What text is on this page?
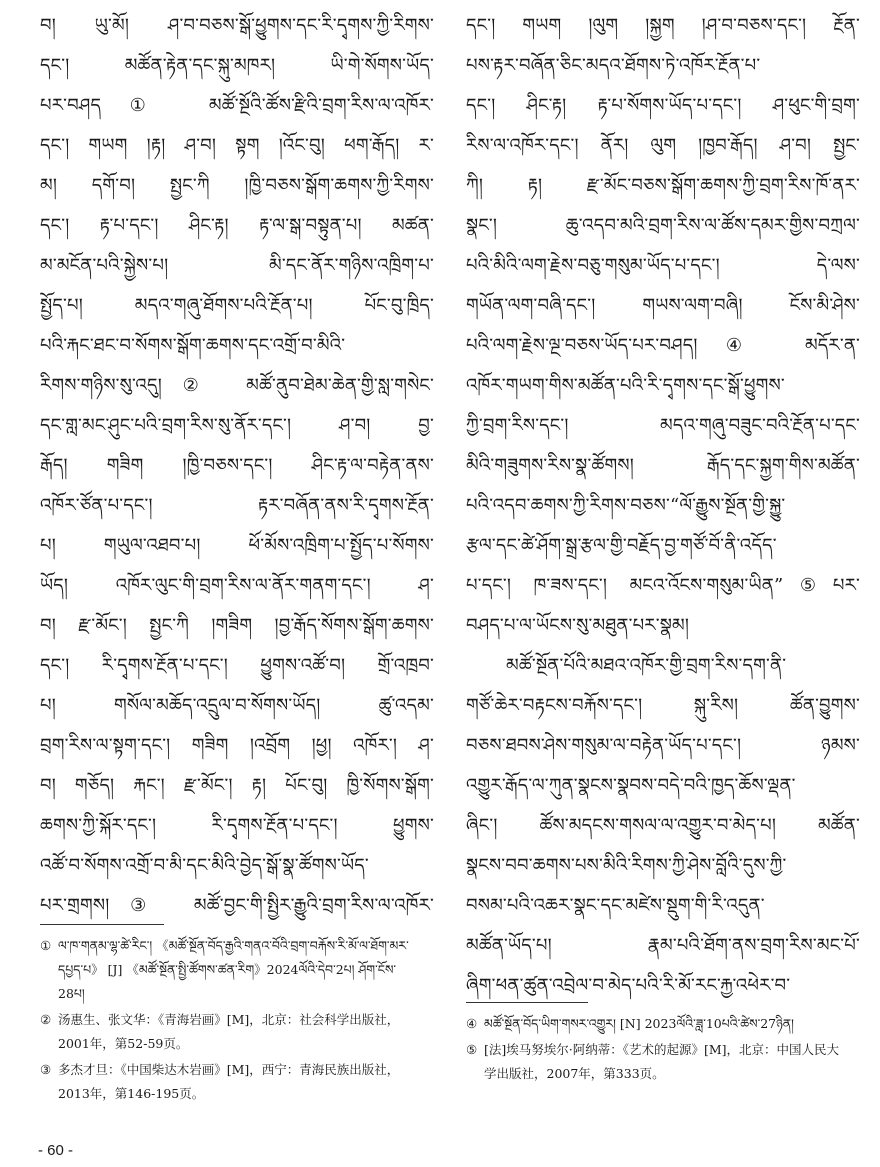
བ། ཡུ་མོ། ཤ་བ་བཅས་སྒོ་ཕྱུགས་དང་རི་དྭགས་ཀྱི་རིགས་
དང་། མཚོན་རྟེན་དང་སྐུ་མཁར། ཡི་གེ་སོགས་ཡོད་
པར་བཤད① མཚོ་སྔོའི་ཚོས་རྫིའི་བྲག་རིས་ལ་འཁོར་
དང་། གཡག །རྟ། ཤ་བ། སྟག །འོང་བུ། ཕག་རྒོད། ར་
མ། དགོ་བ། སྤྱང་ཀི །ཁྱི་བཅས་སྒོག་ཆགས་ཀྱི་རིགས་
དང་། རྟ་པ་དང་། ཤིང་རྟ། རྟ་ལ་སྒ་བསྟུན་པ། མཚན་
མ་མངོན་པའི་སྐྱེས་པ། མི་དང་ནོར་གཉིས་འཁྲིག་པ་
སྤྱོད་པ། མདའ་གཞུ་ཐོགས་པའི་རྔོན་པ། པོང་བུ་ཁྲིད་
པའི་རྐང་ཐང་བ་སོགས་སྒོག་ཆགས་དང་འགྲོ་བ་མིའི་
རིགས་གཉིས་སུ་འདུ།② མཚོ་ནུབ་ཐེམ་ཆེན་གྱི་སླ་གསེང་
དང་གླ་མང་ཤུང་པའི་བྲག་རིས་སུ་ནོར་དང་། ཤ་བ། བྱ་
རྒོད། གཟིག །ཁྱི་བཅས་དང་། ཤིང་རྟ་ལ་བརྟེན་ནས་
འཁོར་ཙོན་པ་དང་། རྟར་བཞོན་ནས་རི་དྭགས་རྔོན་
པ། གཡུལ་འཐབ་པ། ཕོ་མོས་འཁྲིག་པ་སྤྱོད་པ་སོགས་
ཡོད། འཁོར་ལུང་གི་བྲག་རིས་ལ་ནོར་གནག་དང་། ཤ་
བ། རྫ་མོང་། སྤྱང་ཀི །གཟིག །བྱ་རྒོད་སོགས་སྒོག་ཆགས་
དང་། རི་དྭགས་རྔོན་པ་དང་། ཕྱུགས་འཚོ་བ། གྲོ་འཁྲབ་
པ། གསོལ་མཆོད་འདྲུལ་བ་སོགས་ཡོད། ཚུ་འདམ་
བྲག་རིས་ལ་སྟག་དང་། གཟིག །འབྲོག །ཕྱ། འཁོར་། ཤ་
བ། གཅོད། རྐང་། རྫ་མོང་། རྟ། པོང་བུ། ཁྱི་སོགས་སྒོག་
ཆགས་ཀྱི་སྐོར་དང་། རི་དྭགས་རྔོན་པ་དང་། ཕྱུགས་
འཚོ་བ་སོགས་འགྲོ་བ་མི་དང་མིའི་བྱེད་སྒོ་སྣ་ཚོགས་ཡོད་
པར་གྲགས།③ མཚོ་བྱང་གི་སྤྱིར་རྒྱུའི་བྲག་རིས་ལ་འཁོར་
དང་། གཡག །ལུག །སྐྱག །ཤ་བ་བཅས་དང་། རྔོན་
པས་རྟར་བཞོན་ཅིང་མདའ་ཐོགས་ཏེ་འཁོར་རྔོན་པ་
དང་། ཤིང་རྟ། རྟ་པ་སོགས་ཡོད་པ་དང་། ཤ་ཕུང་གི་བྲག་
རིས་ལ་འཁོར་དང་། ནོར། ལུག །ཁྱབ་རྒོད། ཤ་བ། སྤྱང་
ཀི། རྟ། རྫ་མོང་བཅས་སྒོག་ཆགས་ཀྱི་བྲག་རིས་ཁོ་ནར་
སྣང་། ཆུ་འདབ་མའི་བྲག་རིས་ལ་ཚོས་དམར་གྱིས་བཀྲལ་
པའི་མིའི་ལག་རྗེས་བཅུ་གསུམ་ཡོད་པ་དང་། དེ་ལས་
གཡོན་ལག་བཞི་དང་། གཡས་ལག་བཞི། ངོས་མི་ཤེས་
པའི་ལག་རྗེས་ལྔ་བཅས་ཡོད་པར་བཤད།④ མདོར་ན་
འཁོར་གཡག་གིས་མཚོན་པའི་རི་དྭགས་དང་སྒོ་ཕྱུགས་
ཀྱི་བྲག་རིས་དང་། མདའ་གཞུ་བཟུང་བའི་རྔོན་པ་དང་
མིའི་གཟུགས་རིས་སྣ་ཚོགས། རྒོད་དང་སྐྱག་གིས་མཚོན་
པའི་འདབ་ཆགས་ཀྱི་རིགས་བཅས་“ལོ་རྒྱུས་སྔོན་གྱི་སྐྱུ་
རྩལ་དང་ཚེ་ཤོག་སྒྲ་རྩལ་གྱི་བརྗོད་བྱ་གཙོ་བོ་ནི་འདོད་
པ་དང་། ཁ་ཟས་དང་། མངའ་འོངས་གསུམ་ཡིན”⑤པར་
བཤད་པ་ལ་ཡོངས་སུ་མཐུན་པར་སྣམ།
མཚོ་སྔོན་པོའི་མཐའ་འཁོར་གྱི་བྲག་རིས་དག་ནི་
གཙོ་ཆེར་བརྟངས་བརྐོས་དང་། སྐུ་རིས། ཚོན་བྱུགས་
བཅས་ཐབས་ཤེས་གསུམ་ལ་བརྟེན་ཡོད་པ་དང་། ཉམས་
འགྱུར་རྒོད་ལ་ཀུན་སྣངས་སྣབས་བདེ་བའི་ཁྱད་ཆོས་ལྡན་
ཞིང་། ཚོས་མདངས་གསལ་ལ་འགྱུར་བ་མེད་པ། མཚོན་
སྣངས་བབ་ཆགས་པས་མིའི་རིགས་ཀྱི་ཤེས་བློའི་དུས་ཀྱི་
བསམ་པའི་འཆར་སྣང་དང་མཛེས་སྡུག་གི་རི་འདུན་
མཚོན་ཡོད་པ། རྣམ་པའི་ཐོག་ནས་བྲག་རིས་མང་པོ་
ཞིག་ཕན་ཚུན་འབྲེལ་བ་མེད་པའི་རི་མོ་རང་རྐྱ་འཕེར་བ་
① ལ་ཁ་གནམ་ལྷ་ཚེ་རིང་། 《མཚོ་སྔོན་བོད་རྒྱའི་གནའ་བོའི་བྲག་བརྐོས་རི་མོ་ལ་ཐོག་མར་དཔྱད་པ》 [J] 《མཚོ་སྔོན་སྤྱི་ཚོགས་ཚན་རིག》2024ལོའི་དེབ་2པ། ཤོག་ངོས་28པ།
② 汤惠生、张文华：《青海岩画》[M]，北京：社会科学出版社，2001年，第52-59页。
③ 多杰才旦：《中国柴达木岩画》[M]，西宁：青海民族出版社，2013年，第146-195页。
④ མཚོ་སྔོན་བོད་ཡིག་གསར་འགྱུར། [N] 2023ལོའི་ཟླ་10པའི་ཚེས་27ཉིན།
⑤ [法]埃马努埃尔·阿纳蒂：《艺术的起源》[M]，北京：中国人民大学出版社，2007年，第333页。
- 60 -
